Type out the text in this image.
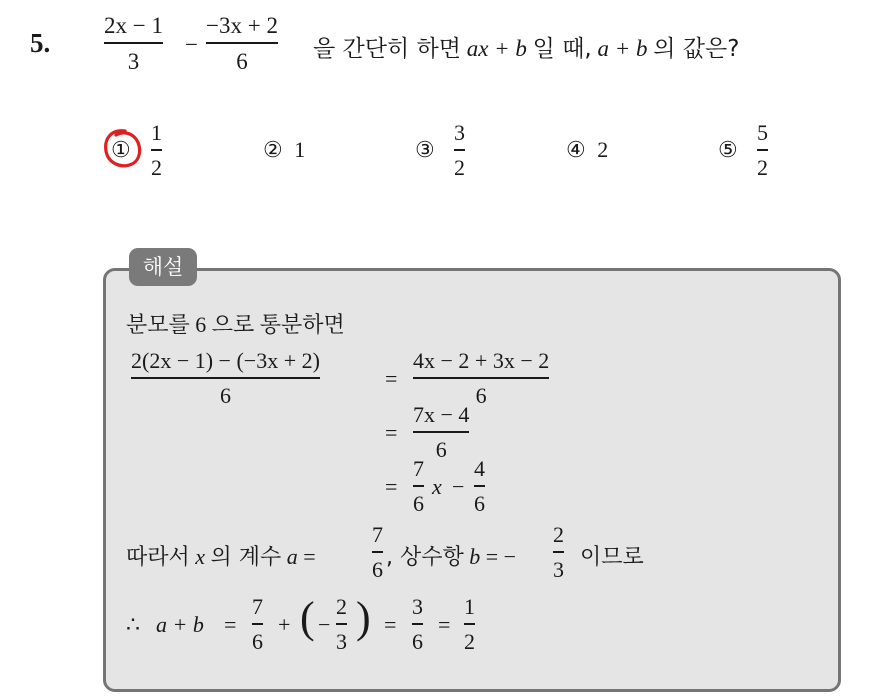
5.
2x − 1
3
−
−3x + 2
6	을 간단히 하면 ax + b 일 때, a + b 의 값은?
①
1
2
② 1	③
3
2
④ 2	⑤
5
2
해설
분모를 6 으로 통분하면
2(2x − 1) − (−3x + 2)
6
=
4x − 2 + 3x − 2
6
=
7x − 4
6
=
7
6
x −
4
6
따라서 x 의 계수 a =
7
6 , 상수항 b = −
2
3
이므로
∴ a + b =
7
6
+ ( −
2
3 ) =
3
6
=
1
2
